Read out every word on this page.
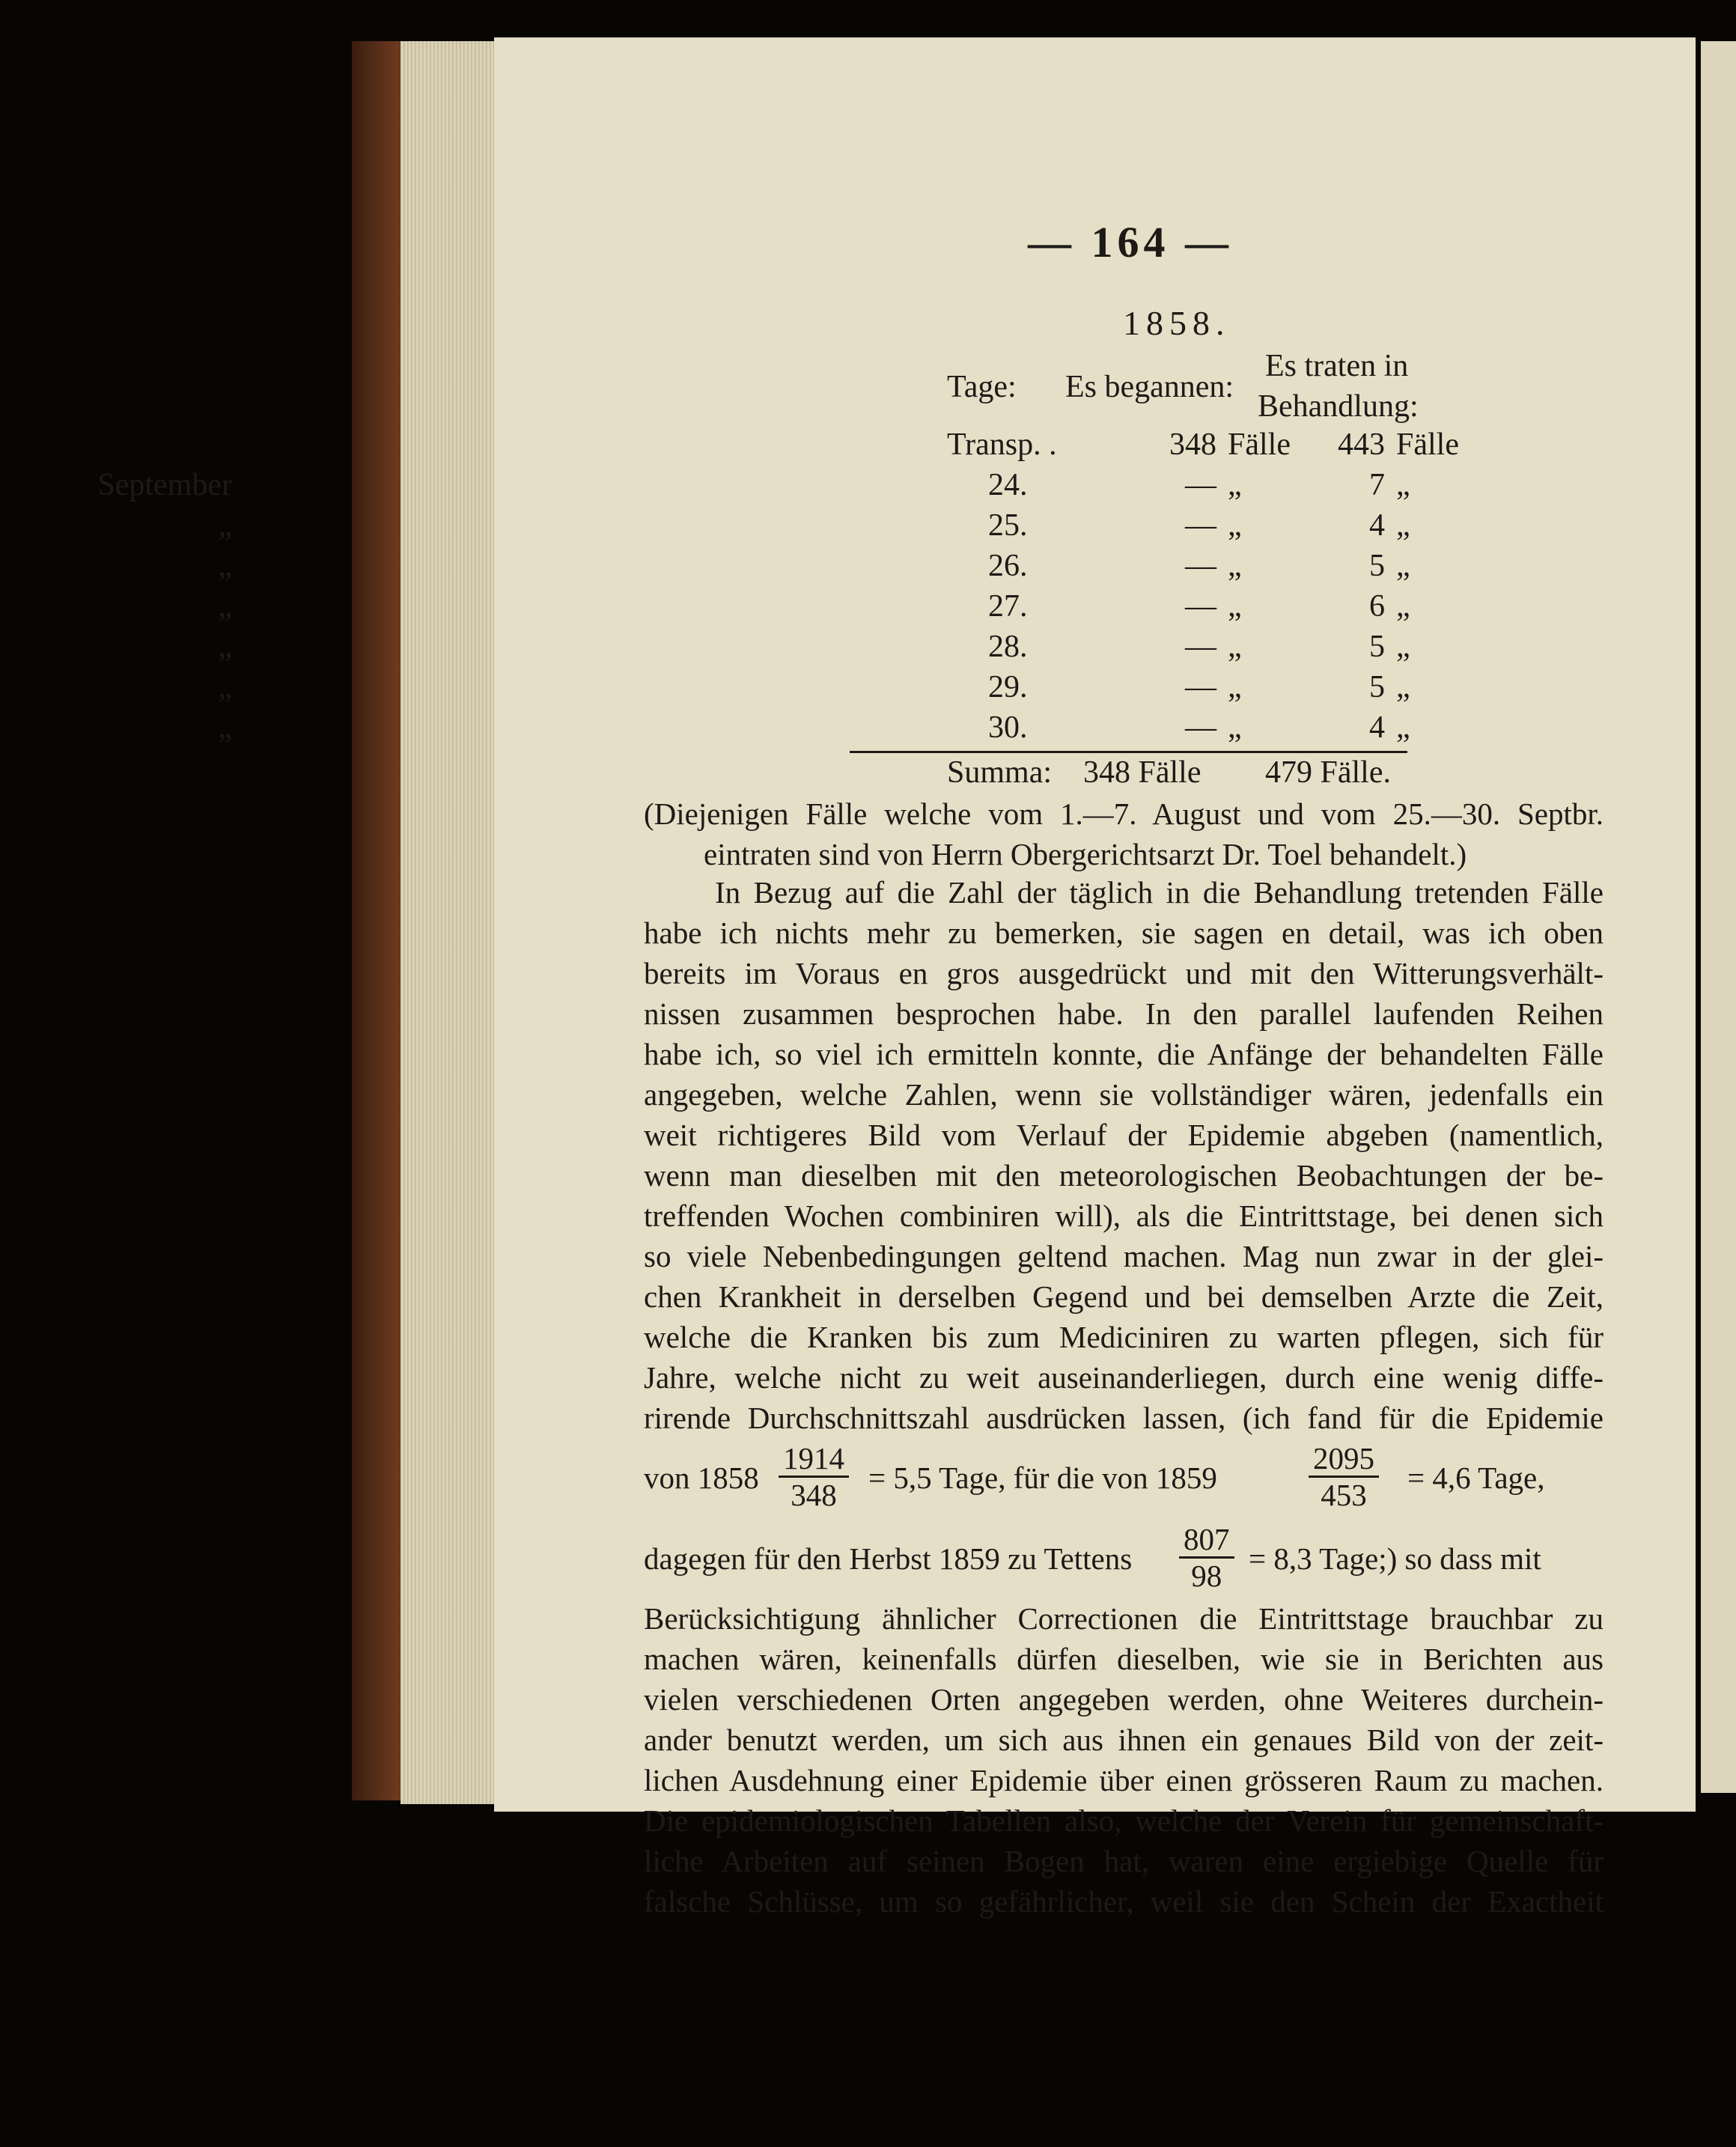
— 164 —
1858.
Tage: Es begannen:
Es traten in
Behandlung:
Transp. .	348 Fälle	443 Fälle
September	24.	— „	7 „
„	25.	— „	4 „
„	26.	— „	5 „
„	27.	— „	6 „
„	28.	— „	5 „
„	29.	— „	5 „
„	30.	— „	4 „
Summa: 348 Fälle 479 Fälle.
(Diejenigen Fälle welche vom 1.—7. August und vom 25.—30. Septbr.
eintraten sind von Herrn Obergerichtsarzt Dr. Toel behandelt.)
In Bezug auf die Zahl der täglich in die Behandlung tretenden Fälle
habe ich nichts mehr zu bemerken, sie sagen en detail, was ich oben
bereits im Voraus en gros ausgedrückt und mit den Witterungsverhält-
nissen zusammen besprochen habe. In den parallel laufenden Reihen
habe ich, so viel ich ermitteln konnte, die Anfänge der behandelten Fälle
angegeben, welche Zahlen, wenn sie vollständiger wären, jedenfalls ein
weit richtigeres Bild vom Verlauf der Epidemie abgeben (namentlich,
wenn man dieselben mit den meteorologischen Beobachtungen der be-
treffenden Wochen combiniren will), als die Eintrittstage, bei denen sich
so viele Nebenbedingungen geltend machen. Mag nun zwar in der glei-
chen Krankheit in derselben Gegend und bei demselben Arzte die Zeit,
welche die Kranken bis zum Mediciniren zu warten pflegen, sich für
Jahre, welche nicht zu weit auseinanderliegen, durch eine wenig diffe-
rirende Durchschnittszahl ausdrücken lassen, (ich fand für die Epidemie
von $1858 \frac{1914}{348} = 5,5$ Tage, für die von 1859	$\frac{2095}{453} = 4,6$ Tage,
dagegen für den Herbst 1859 zu Tettens $\frac{807}{98} = 8,3$ Tage;) so dass mit
Berücksichtigung ähnlicher Correctionen die Eintrittstage brauchbar zu
machen wären, keinenfalls dürfen dieselben, wie sie in Berichten aus
vielen verschiedenen Orten angegeben werden, ohne Weiteres durchein-
ander benutzt werden, um sich aus ihnen ein genaues Bild von der zeit-
lichen Ausdehnung einer Epidemie über einen grösseren Raum zu machen.
Die epidemiologischen Tabellen also, welche der Verein für gemeinschaft-
liche Arbeiten auf seinen Bogen hat, waren eine ergiebige Quelle für
falsche Schlüsse, um so gefährlicher, weil sie den Schein der Exactheit
